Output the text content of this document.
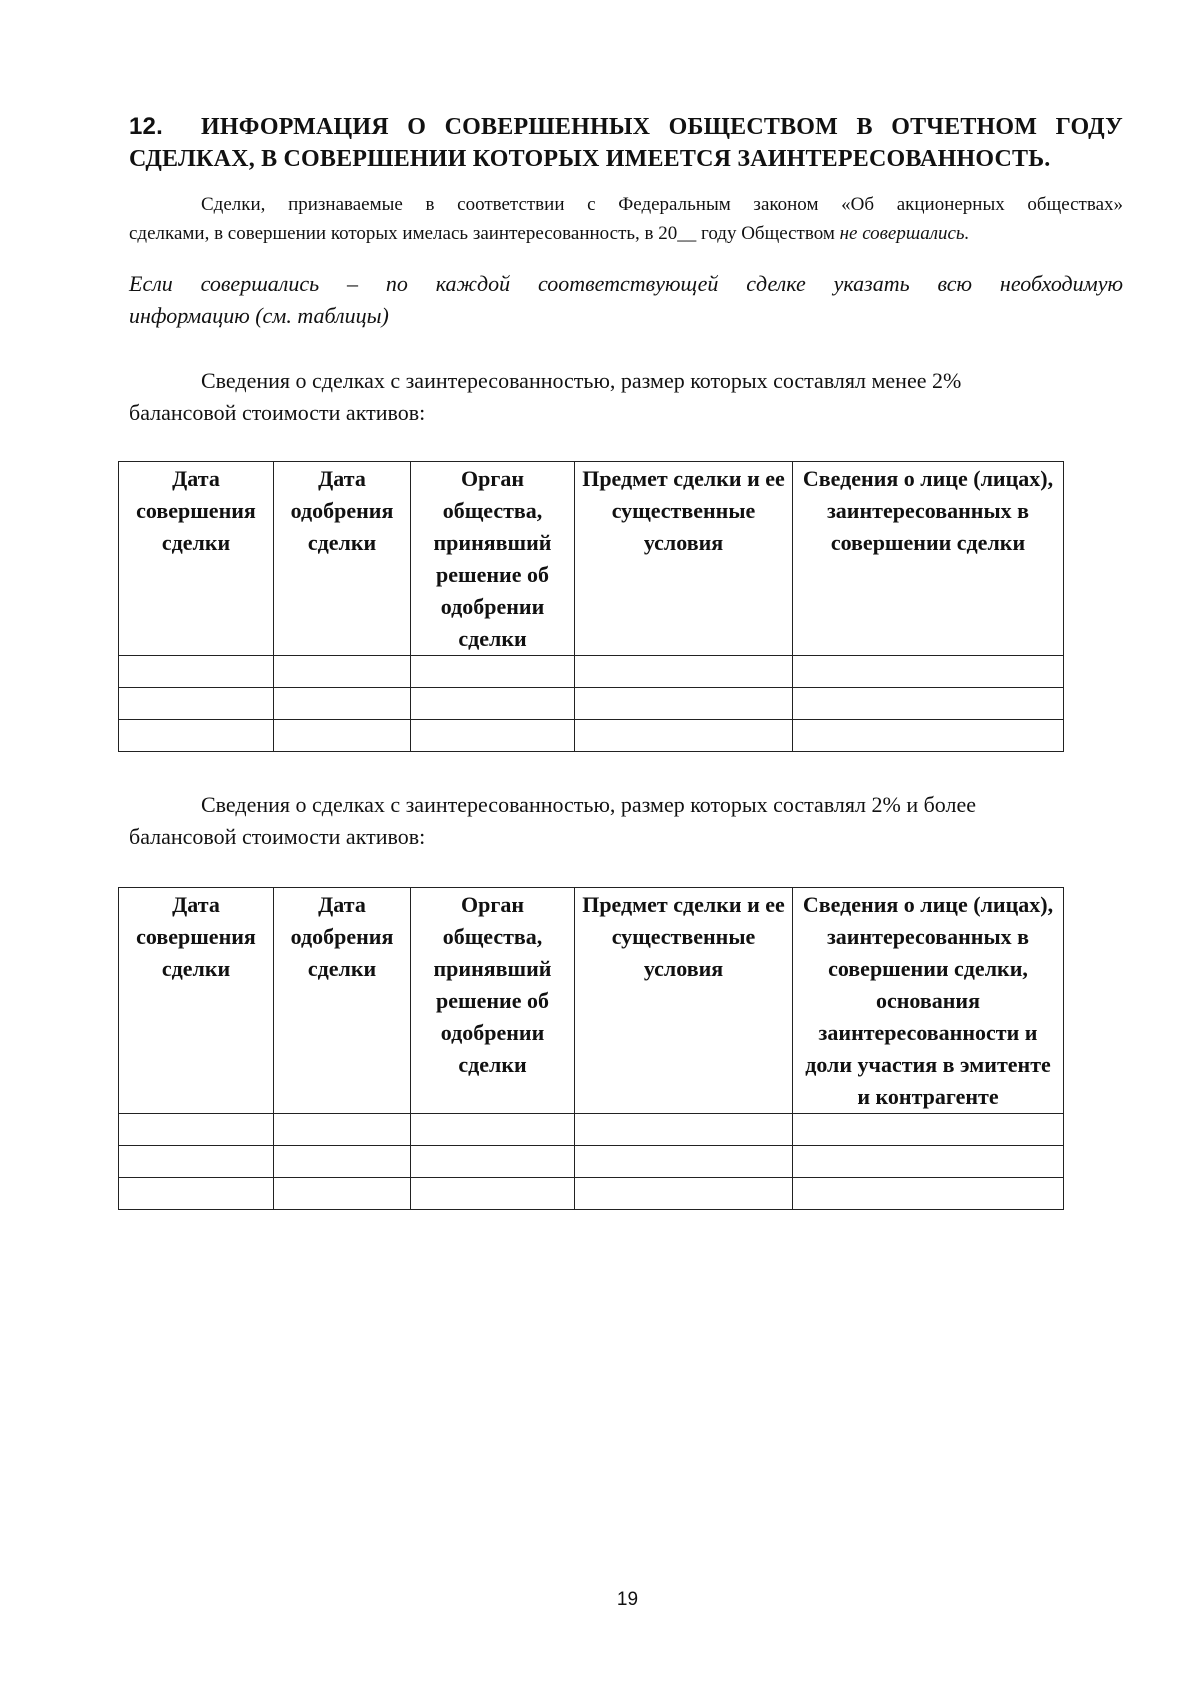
12. ИНФОРМАЦИЯ О СОВЕРШЕННЫХ ОБЩЕСТВОМ В ОТЧЕТНОМ ГОДУ
СДЕЛКАХ, В СОВЕРШЕНИИ КОТОРЫХ ИМЕЕТСЯ ЗАИНТЕРЕСОВАННОСТЬ.
Сделки, признаваемые в соответствии с Федеральным законом «Об акционерных обществах»
сделками, в совершении которых имелась заинтересованность, в 20__ году Обществом не совершались.
Если совершались – по каждой соответствующей сделке указать всю необходимую
информацию (см. таблицы)
Сведения о сделках с заинтересованностью, размер которых составлял менее 2%
балансовой стоимости активов:
Дата совершения сделки	Дата одобрения сделки	Орган общества, принявший решение об одобрении сделки	Предмет сделки и ее существенные условия	Сведения о лице (лицах), заинтересованных в совершении сделки

Сведения о сделках с заинтересованностью, размер которых составлял 2% и более
балансовой стоимости активов:
Дата совершения сделки	Дата одобрения сделки	Орган общества, принявший решение об одобрении сделки	Предмет сделки и ее существенные условия	Сведения о лице (лицах), заинтересованных в совершении сделки, основания заинтересованности и доли участия в эмитенте и контрагенте

19
